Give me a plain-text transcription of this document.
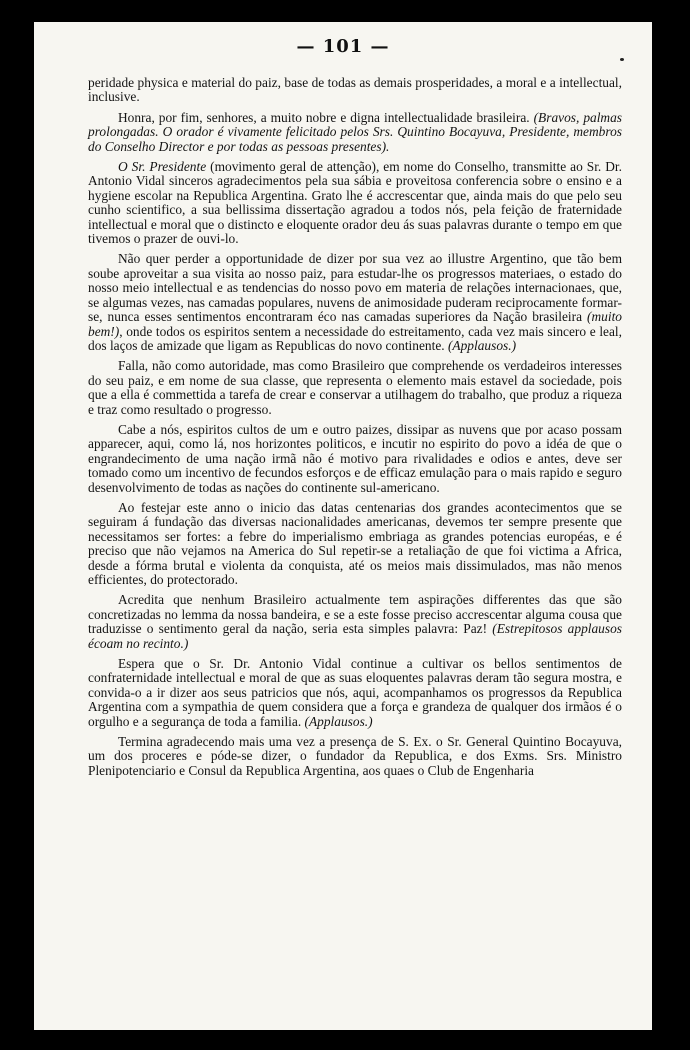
— 101 —

peridade physica e material do paiz, base de todas as demais prosperidades, a moral e a intellectual, inclusive.

Honra, por fim, senhores, a muito nobre e digna intellectualidade brasileira. (Bravos, palmas prolongadas. O orador é vivamente felicitado pelos Srs. Quintino Bocayuva, Presidente, membros do Conselho Director e por todas as pessoas presentes).

O Sr. Presidente (movimento geral de attenção), em nome do Conselho, transmitte ao Sr. Dr. Antonio Vidal sinceros agradecimentos pela sua sábia e proveitosa conferencia sobre o ensino e a hygiene escolar na Republica Argentina. Grato lhe é accrescentar que, ainda mais do que pelo seu cunho scientifico, a sua bellissima dissertação agradou a todos nós, pela feição de fraternidade intellectual e moral que o distincto e eloquente orador deu ás suas palavras durante o tempo em que tivemos o prazer de ouvi-lo.

Não quer perder a opportunidade de dizer por sua vez ao illustre Argentino, que tão bem soube aproveitar a sua visita ao nosso paiz, para estudar-lhe os progressos materiaes, o estado do nosso meio intellectual e as tendencias do nosso povo em materia de relações internacionaes, que, se algumas vezes, nas camadas populares, nuvens de animosidade puderam reciprocamente formar-se, nunca esses sentimentos encontraram éco nas camadas superiores da Nação brasileira (muito bem!), onde todos os espiritos sentem a necessidade do estreitamento, cada vez mais sincero e leal, dos laços de amizade que ligam as Republicas do novo continente. (Applausos.)

Falla, não como autoridade, mas como Brasileiro que comprehende os verdadeiros interesses do seu paiz, e em nome de sua classe, que representa o elemento mais estavel da sociedade, pois que a ella é commettida a tarefa de crear e conservar a utilhagem do trabalho, que produz a riqueza e traz como resultado o progresso.

Cabe a nós, espiritos cultos de um e outro paizes, dissipar as nuvens que por acaso possam apparecer, aqui, como lá, nos horizontes politicos, e incutir no espirito do povo a idéa de que o engrandecimento de uma nação irmã não é motivo para rivalidades e odios e antes, deve ser tomado como um incentivo de fecundos esforços e de efficaz emulação para o mais rapido e seguro desenvolvimento de todas as nações do continente sul-americano.

Ao festejar este anno o inicio das datas centenarias dos grandes acontecimentos que se seguiram á fundação das diversas nacionalidades americanas, devemos ter sempre presente que necessitamos ser fortes: a febre do imperialismo embriaga as grandes potencias européas, e é preciso que não vejamos na America do Sul repetir-se a retaliação de que foi victima a Africa, desde a fórma brutal e violenta da conquista, até os meios mais dissimulados, mas não menos efficientes, do protectorado.

Acredita que nenhum Brasileiro actualmente tem aspirações differentes das que são concretizadas no lemma da nossa bandeira, e se a este fosse preciso accrescentar alguma cousa que traduzisse o sentimento geral da nação, seria esta simples palavra: Paz! (Estrepitosos applausos écoam no recinto.)

Espera que o Sr. Dr. Antonio Vidal continue a cultivar os bellos sentimentos de confraternidade intellectual e moral de que as suas eloquentes palavras deram tão segura mostra, e convida-o a ir dizer aos seus patricios que nós, aqui, acompanhamos os progressos da Republica Argentina com a sympathia de quem considera que a força e grandeza de qualquer dos irmãos é o orgulho e a segurança de toda a familia. (Applausos.)

Termina agradecendo mais uma vez a presença de S. Ex. o Sr. General Quintino Bocayuva, um dos proceres e póde-se dizer, o fundador da Republica, e dos Exms. Srs. Ministro Plenipotenciario e Consul da Republica Argentina, aos quaes o Club de Engenharia
